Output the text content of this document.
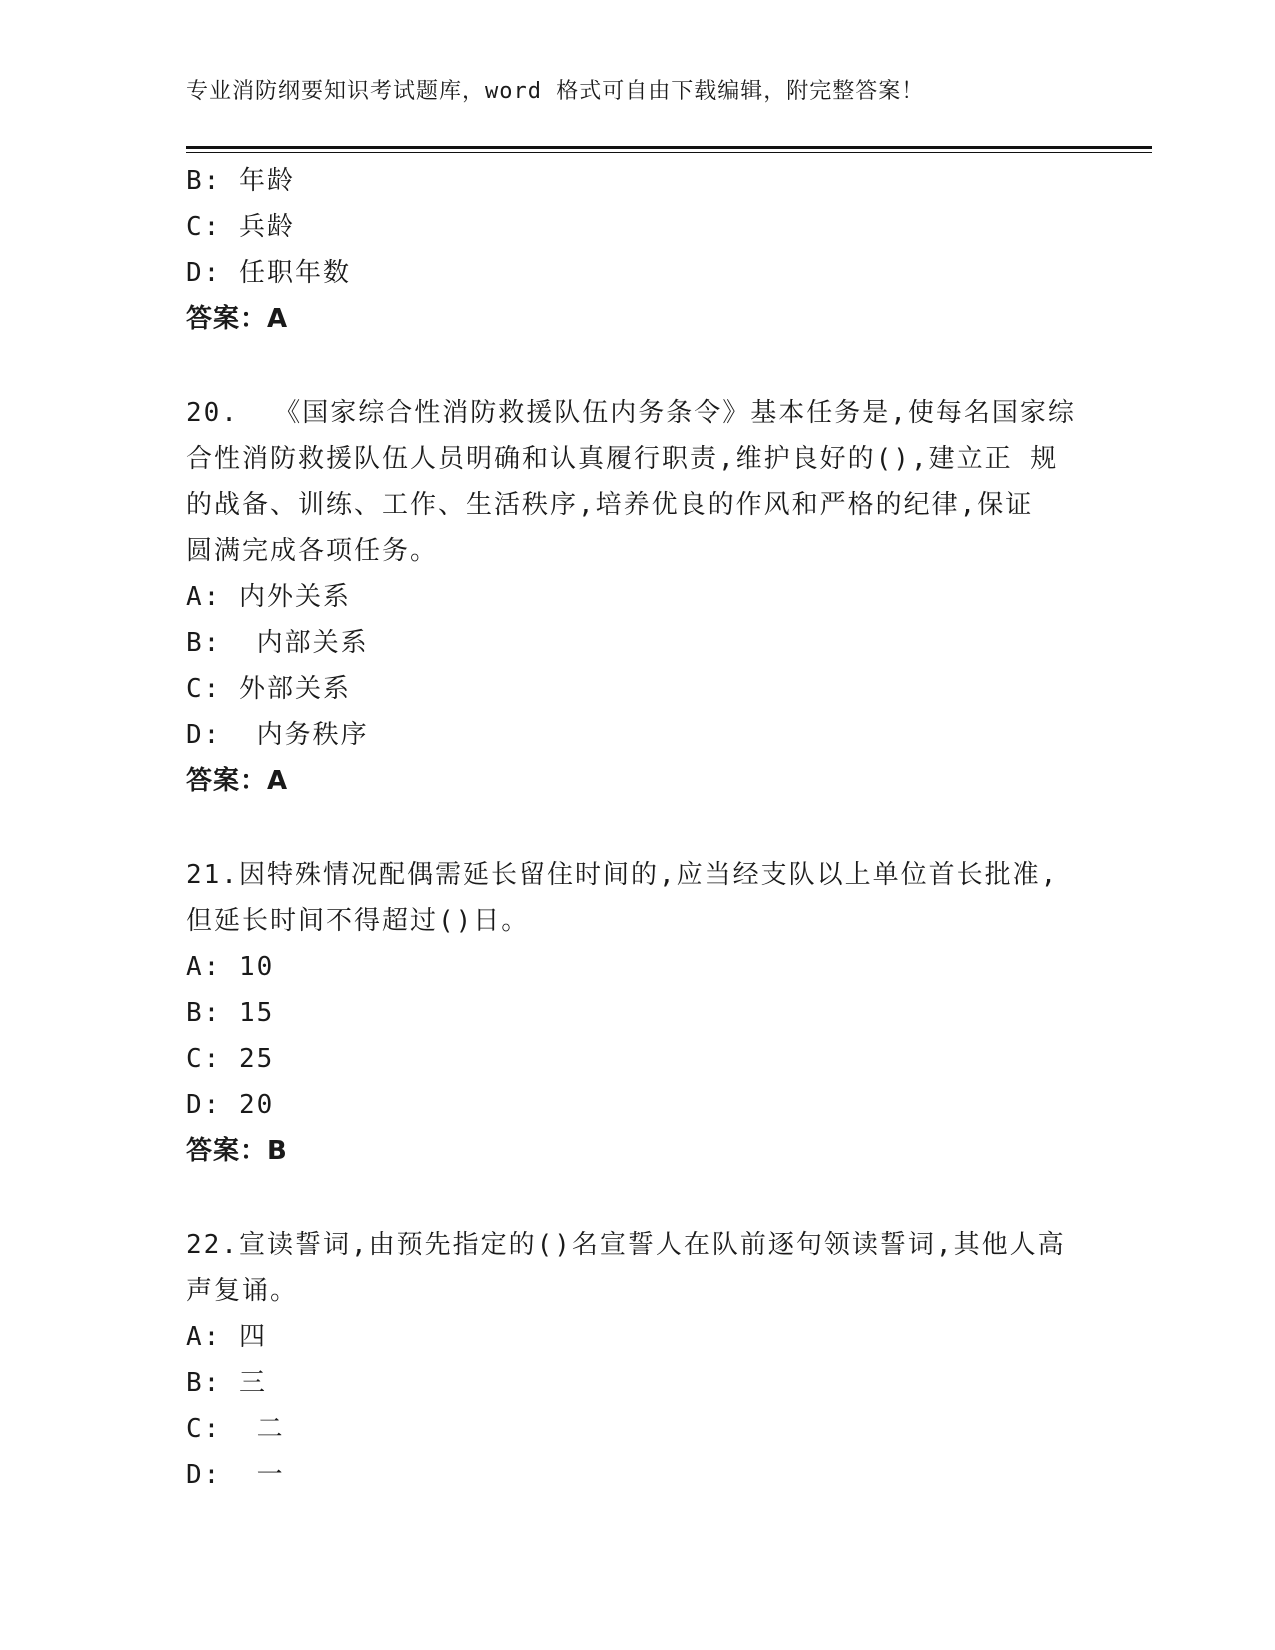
专业消防纲要知识考试题库，word 格式可自由下载编辑，附完整答案！
B: 年龄
C: 兵龄
D: 任职年数
答案：A
20.  《国家综合性消防救援队伍内务条令》基本任务是,使每名国家综
合性消防救援队伍人员明确和认真履行职责,维护良好的(),建立正 规
的战备、训练、工作、生活秩序,培养优良的作风和严格的纪律,保证
圆满完成各项任务。
A: 内外关系
B:  内部关系
C: 外部关系
D:  内务秩序
答案：A
21.因特殊情况配偶需延长留住时间的,应当经支队以上单位首长批准,
但延长时间不得超过()日。
A: 10
B: 15
C: 25
D: 20
答案：B
22.宣读誓词,由预先指定的()名宣誓人在队前逐句领读誓词,其他人高
声复诵。
A: 四
B: 三
C:  二
D:  一
